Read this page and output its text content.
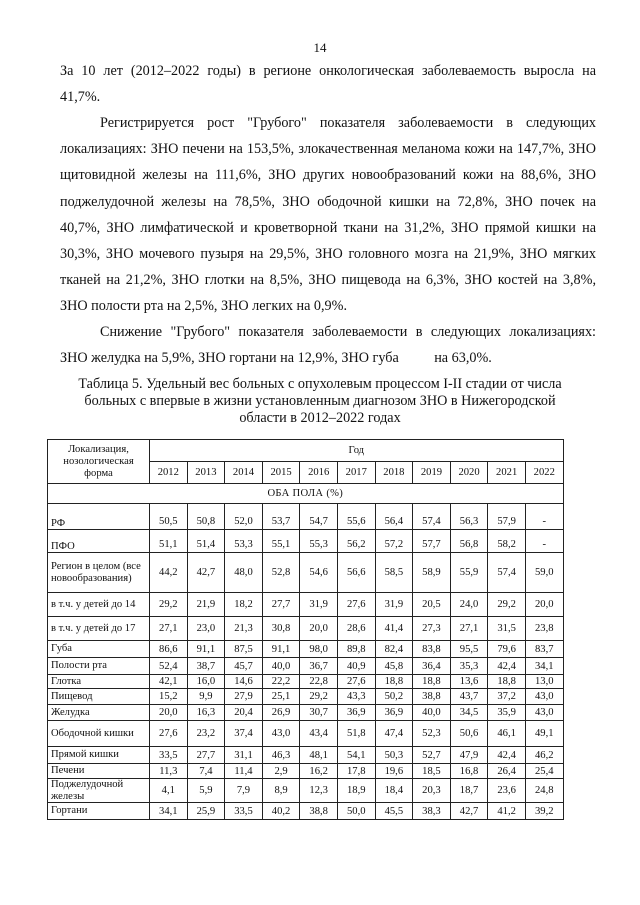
14

За 10 лет (2012–2022 годы) в регионе онкологическая заболеваемость выросла на 41,7%.

Регистрируется рост "Грубого" показателя заболеваемости в следующих локализациях: ЗНО печени на 153,5%, злокачественная меланома кожи на 147,7%, ЗНО щитовидной железы на 111,6%, ЗНО других новообразований кожи на 88,6%, ЗНО поджелудочной железы на 78,5%, ЗНО ободочной кишки на 72,8%, ЗНО почек на 40,7%, ЗНО лимфатической и кроветворной ткани на 31,2%, ЗНО прямой кишки на 30,3%, ЗНО мочевого пузыря на 29,5%, ЗНО головного мозга на 21,9%, ЗНО мягких тканей на 21,2%, ЗНО глотки на 8,5%, ЗНО пищевода на 6,3%, ЗНО костей на 3,8%, ЗНО полости рта на 2,5%, ЗНО легких на 0,9%.

Снижение "Грубого" показателя заболеваемости в следующих локализациях: ЗНО желудка на 5,9%, ЗНО гортани на 12,9%, ЗНО губа          на 63,0%.

Таблица 5. Удельный вес больных с опухолевым процессом I-II стадии от числа больных с впервые в жизни установленным диагнозом ЗНО в Нижегородской области в 2012–2022 годах

Локализация, нозологическая форма	Год										
	2012	2013	2014	2015	2016	2017	2018	2019	2020	2021	2022
ОБА ПОЛА (%)											
РФ	50,5	50,8	52,0	53,7	54,7	55,6	56,4	57,4	56,3	57,9	-
ПФО	51,1	51,4	53,3	55,1	55,3	56,2	57,2	57,7	56,8	58,2	-
Регион в целом (все новообразования)	44,2	42,7	48,0	52,8	54,6	56,6	58,5	58,9	55,9	57,4	59,0
в т.ч. у детей до 14	29,2	21,9	18,2	27,7	31,9	27,6	31,9	20,5	24,0	29,2	20,0
в т.ч. у детей до 17	27,1	23,0	21,3	30,8	20,0	28,6	41,4	27,3	27,1	31,5	23,8
Губа	86,6	91,1	87,5	91,1	98,0	89,8	82,4	83,8	95,5	79,6	83,7
Полости рта	52,4	38,7	45,7	40,0	36,7	40,9	45,8	36,4	35,3	42,4	34,1
Глотка	42,1	16,0	14,6	22,2	22,8	27,6	18,8	18,8	13,6	18,8	13,0
Пищевод	15,2	9,9	27,9	25,1	29,2	43,3	50,2	38,8	43,7	37,2	43,0
Желудка	20,0	16,3	20,4	26,9	30,7	36,9	36,9	40,0	34,5	35,9	43,0
Ободочной кишки	27,6	23,2	37,4	43,0	43,4	51,8	47,4	52,3	50,6	46,1	49,1
Прямой кишки	33,5	27,7	31,1	46,3	48,1	54,1	50,3	52,7	47,9	42,4	46,2
Печени	11,3	7,4	11,4	2,9	16,2	17,8	19,6	18,5	16,8	26,4	25,4
Поджелудочной железы	4,1	5,9	7,9	8,9	12,3	18,9	18,4	20,3	18,7	23,6	24,8
Гортани	34,1	25,9	33,5	40,2	38,8	50,0	45,5	38,3	42,7	41,2	39,2
